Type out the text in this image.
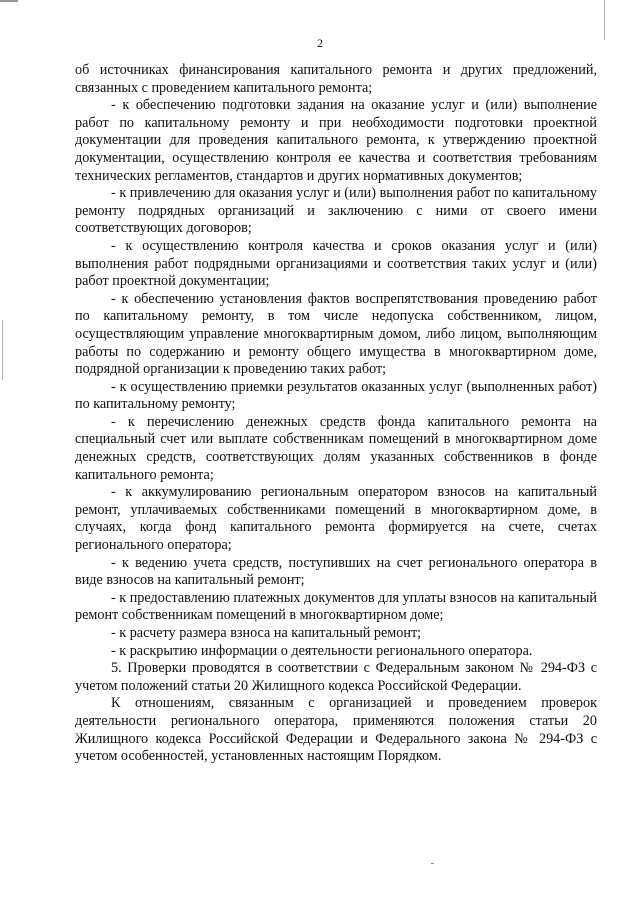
2

об источниках финансирования капитального ремонта и других предложений, связанных с проведением капитального ремонта;

- к обеспечению подготовки задания на оказание услуг и (или) выполнение работ по капитальному ремонту и при необходимости подготовки проектной документации для проведения капитального ремонта, к утверждению проектной документации, осуществлению контроля ее качества и соответствия требованиям технических регламентов, стандартов и других нормативных документов;

- к привлечению для оказания услуг и (или) выполнения работ по капитальному ремонту подрядных организаций и заключению с ними от своего имени соответствующих договоров;

- к осуществлению контроля качества и сроков оказания услуг и (или) выполнения работ подрядными организациями и соответствия таких услуг и (или) работ проектной документации;

- к обеспечению установления фактов воспрепятствования проведению работ по капитальному ремонту, в том числе недопуска собственником, лицом, осуществляющим управление многоквартирным домом, либо лицом, выполняющим работы по содержанию и ремонту общего имущества в многоквартирном доме, подрядной организации к проведению таких работ;

- к осуществлению приемки результатов оказанных услуг (выполненных работ) по капитальному ремонту;

- к перечислению денежных средств фонда капитального ремонта на специальный счет или выплате собственникам помещений в многоквартирном доме денежных средств, соответствующих долям указанных собственников в фонде капитального ремонта;

- к аккумулированию региональным оператором взносов на капитальный ремонт, уплачиваемых собственниками помещений в многоквартирном доме, в случаях, когда фонд капитального ремонта формируется на счете, счетах регионального оператора;

- к ведению учета средств, поступивших на счет регионального оператора в виде взносов на капитальный ремонт;

- к предоставлению платежных документов для уплаты взносов на капитальный ремонт собственникам помещений в многоквартирном доме;

- к расчету размера взноса на капитальный ремонт;

- к раскрытию информации о деятельности регионального оператора.

5. Проверки проводятся в соответствии с Федеральным законом № 294-ФЗ с учетом положений статьи 20 Жилищного кодекса Российской Федерации.

К отношениям, связанным с организацией и проведением проверок деятельности регионального оператора, применяются положения статьи 20 Жилищного кодекса Российской Федерации и Федерального закона № 294-ФЗ с учетом особенностей, установленных настоящим Порядком.
